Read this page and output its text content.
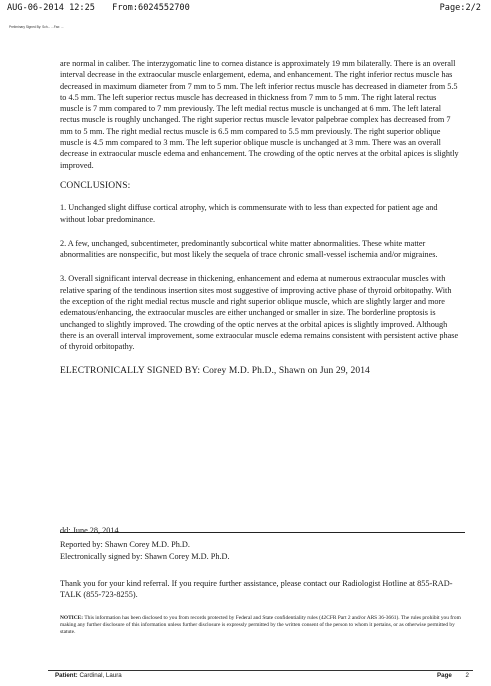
AUG-06-2014 12:25 From:6024552700	Page:2/2
Preliminary Signed By: Sch... ...Fax: ...

are normal in caliber. The interzygomatic line to cornea distance is approximately 19 mm bilaterally. There is an overall interval decrease in the extraocular muscle enlargement, edema, and enhancement. The right inferior rectus muscle has decreased in maximum diameter from 7 mm to 5 mm. The left inferior rectus muscle has decreased in diameter from 5.5 to 4.5 mm. The left superior rectus muscle has decreased in thickness from 7 mm to 5 mm. The right lateral rectus muscle is 7 mm compared to 7 mm previously. The left medial rectus muscle is unchanged at 6 mm. The left lateral rectus muscle is roughly unchanged. The right superior rectus muscle levator palpebrae complex has decreased from 7 mm to 5 mm. The right medial rectus muscle is 6.5 mm compared to 5.5 mm previously. The right superior oblique muscle is 4.5 mm compared to 3 mm. The left superior oblique muscle is unchanged at 3 mm. There was an overall decrease in extraocular muscle edema and enhancement. The crowding of the optic nerves at the orbital apices is slightly improved.

CONCLUSIONS:

1. Unchanged slight diffuse cortical atrophy, which is commensurate with to less than expected for patient age and without lobar predominance.

2. A few, unchanged, subcentimeter, predominantly subcortical white matter abnormalities. These white matter abnormalities are nonspecific, but most likely the sequela of trace chronic small-vessel ischemia and/or migraines.

3. Overall significant interval decrease in thickening, enhancement and edema at numerous extraocular muscles with relative sparing of the tendinous insertion sites most suggestive of improving active phase of thyroid orbitopathy. With the exception of the right medial rectus muscle and right superior oblique muscle, which are slightly larger and more edematous/enhancing, the extraocular muscles are either unchanged or smaller in size. The borderline proptosis is unchanged to slightly improved. The crowding of the optic nerves at the orbital apices is slightly improved. Although there is an overall interval improvement, some extraocular muscle edema remains consistent with persistent active phase of thyroid orbitopathy.

ELECTRONICALLY SIGNED BY: Corey M.D. Ph.D., Shawn on Jun 29, 2014

dd: June 28, 2014
Reported by: Shawn Corey M.D. Ph.D.
Electronically signed by: Shawn Corey M.D. Ph.D.

Thank you for your kind referral. If you require further assistance, please contact our Radiologist Hotline at 855-RAD-TALK (855-723-8255).

NOTICE: This information has been disclosed to you from records protected by Federal and State confidentiality rules (42CFR Part 2 and/or ARS 36-3661). The rules prohibit you from making any further disclosure of this information unless further disclosure is expressly permitted by the written consent of the person to whom it pertains, or as otherwise permitted by statute.

Patient: Cardinal, Laura	Page 2
